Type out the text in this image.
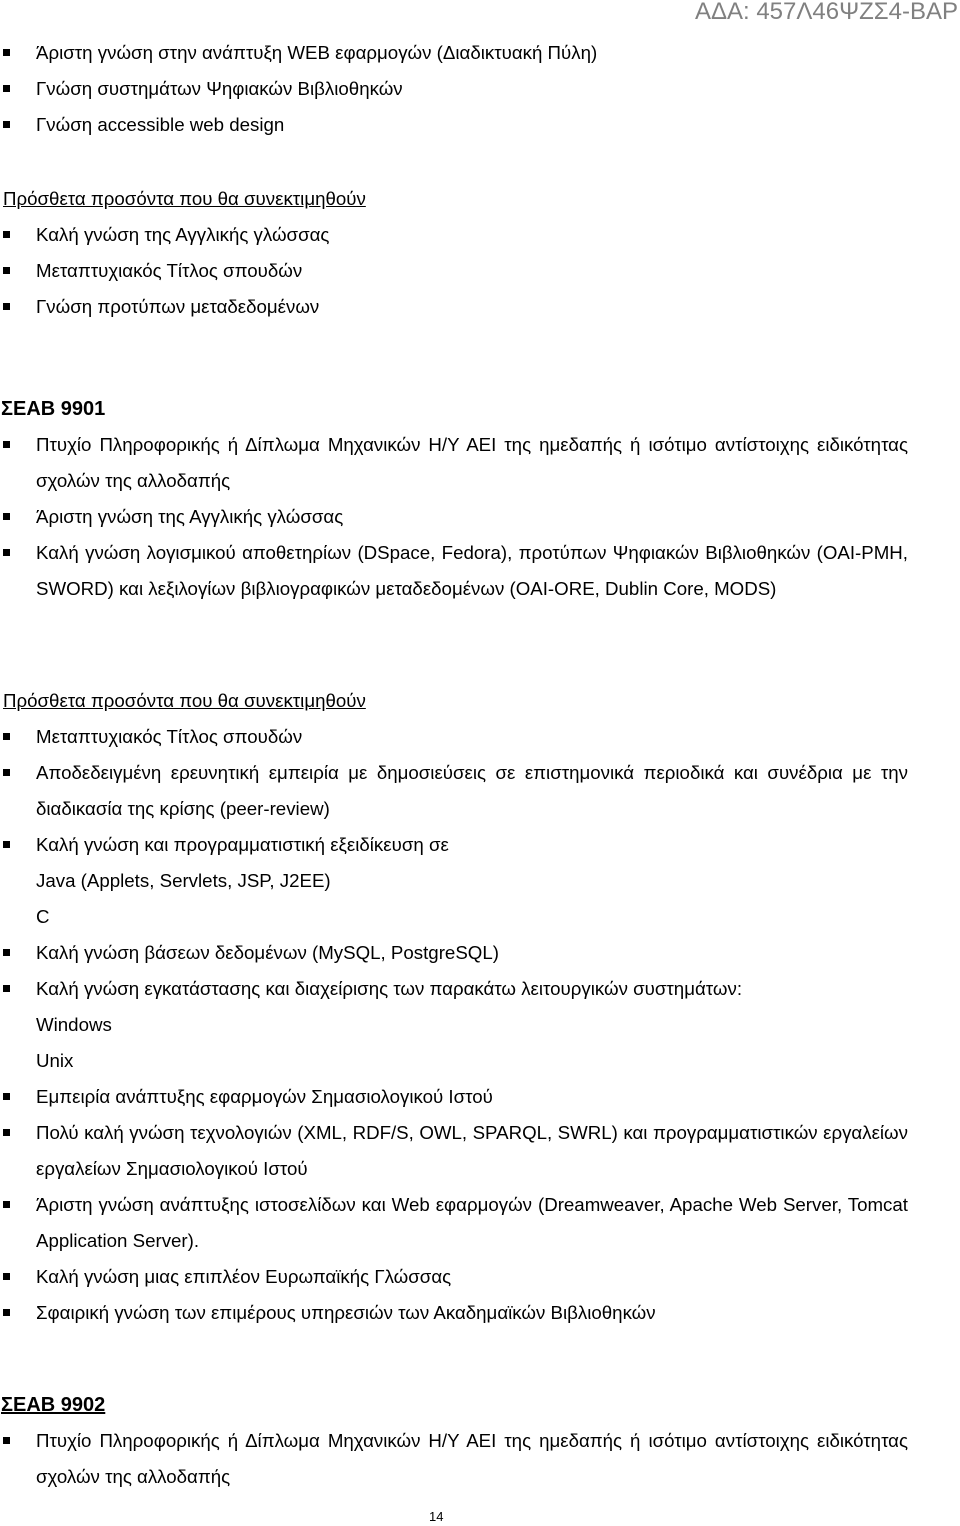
ΑΔΑ: 457Λ46ΨΖΣ4-ΒΑΡ
Άριστη γνώση στην ανάπτυξη WEB εφαρμογών (Διαδικτυακή Πύλη)
Γνώση συστημάτων Ψηφιακών Βιβλιοθηκών
Γνώση accessible web design
Πρόσθετα προσόντα που θα συνεκτιμηθούν
Καλή γνώση της Αγγλικής γλώσσας
Μεταπτυχιακός Τίτλος σπουδών
Γνώση προτύπων μεταδεδομένων
ΣΕΑΒ 9901
Πτυχίο Πληροφορικής ή Δίπλωμα Μηχανικών Η/Υ ΑΕΙ της ημεδαπής ή ισότιμο αντίστοιχης ειδικότητας σχολών της αλλοδαπής
Άριστη γνώση της Αγγλικής γλώσσας
Καλή γνώση λογισμικού αποθετηρίων (DSpace, Fedora), προτύπων Ψηφιακών Βιβλιοθηκών (OAI-PMH, SWORD) και λεξιλογίων βιβλιογραφικών μεταδεδομένων (OAI-ORE, Dublin Core, MODS)
Πρόσθετα προσόντα που θα συνεκτιμηθούν
Μεταπτυχιακός Τίτλος σπουδών
Αποδεδειγμένη ερευνητική εμπειρία με δημοσιεύσεις σε επιστημονικά περιοδικά και συνέδρια με την διαδικασία της κρίσης (peer-review)
Καλή γνώση και προγραμματιστική εξειδίκευση σε
Java (Applets, Servlets, JSP, J2EE)
C
Καλή γνώση βάσεων δεδομένων (MySQL, PostgreSQL)
Καλή γνώση εγκατάστασης και διαχείρισης των παρακάτω λειτουργικών συστημάτων:
Windows
Unix
Εμπειρία ανάπτυξης εφαρμογών Σημασιολογικού Ιστού
Πολύ καλή γνώση τεχνολογιών (XML, RDF/S, OWL, SPARQL, SWRL) και προγραμματιστικών εργαλείων εργαλείων Σημασιολογικού Ιστού
Άριστη γνώση ανάπτυξης ιστοσελίδων και Web εφαρμογών (Dreamweaver, Apache Web Server, Tomcat Application Server).
Καλή γνώση μιας επιπλέον Ευρωπαϊκής Γλώσσας
Σφαιρική γνώση των επιμέρους υπηρεσιών των Ακαδημαϊκών Βιβλιοθηκών
ΣΕΑΒ 9902
Πτυχίο Πληροφορικής ή Δίπλωμα Μηχανικών Η/Υ ΑΕΙ της ημεδαπής ή ισότιμο αντίστοιχης ειδικότητας σχολών της αλλοδαπής
14
